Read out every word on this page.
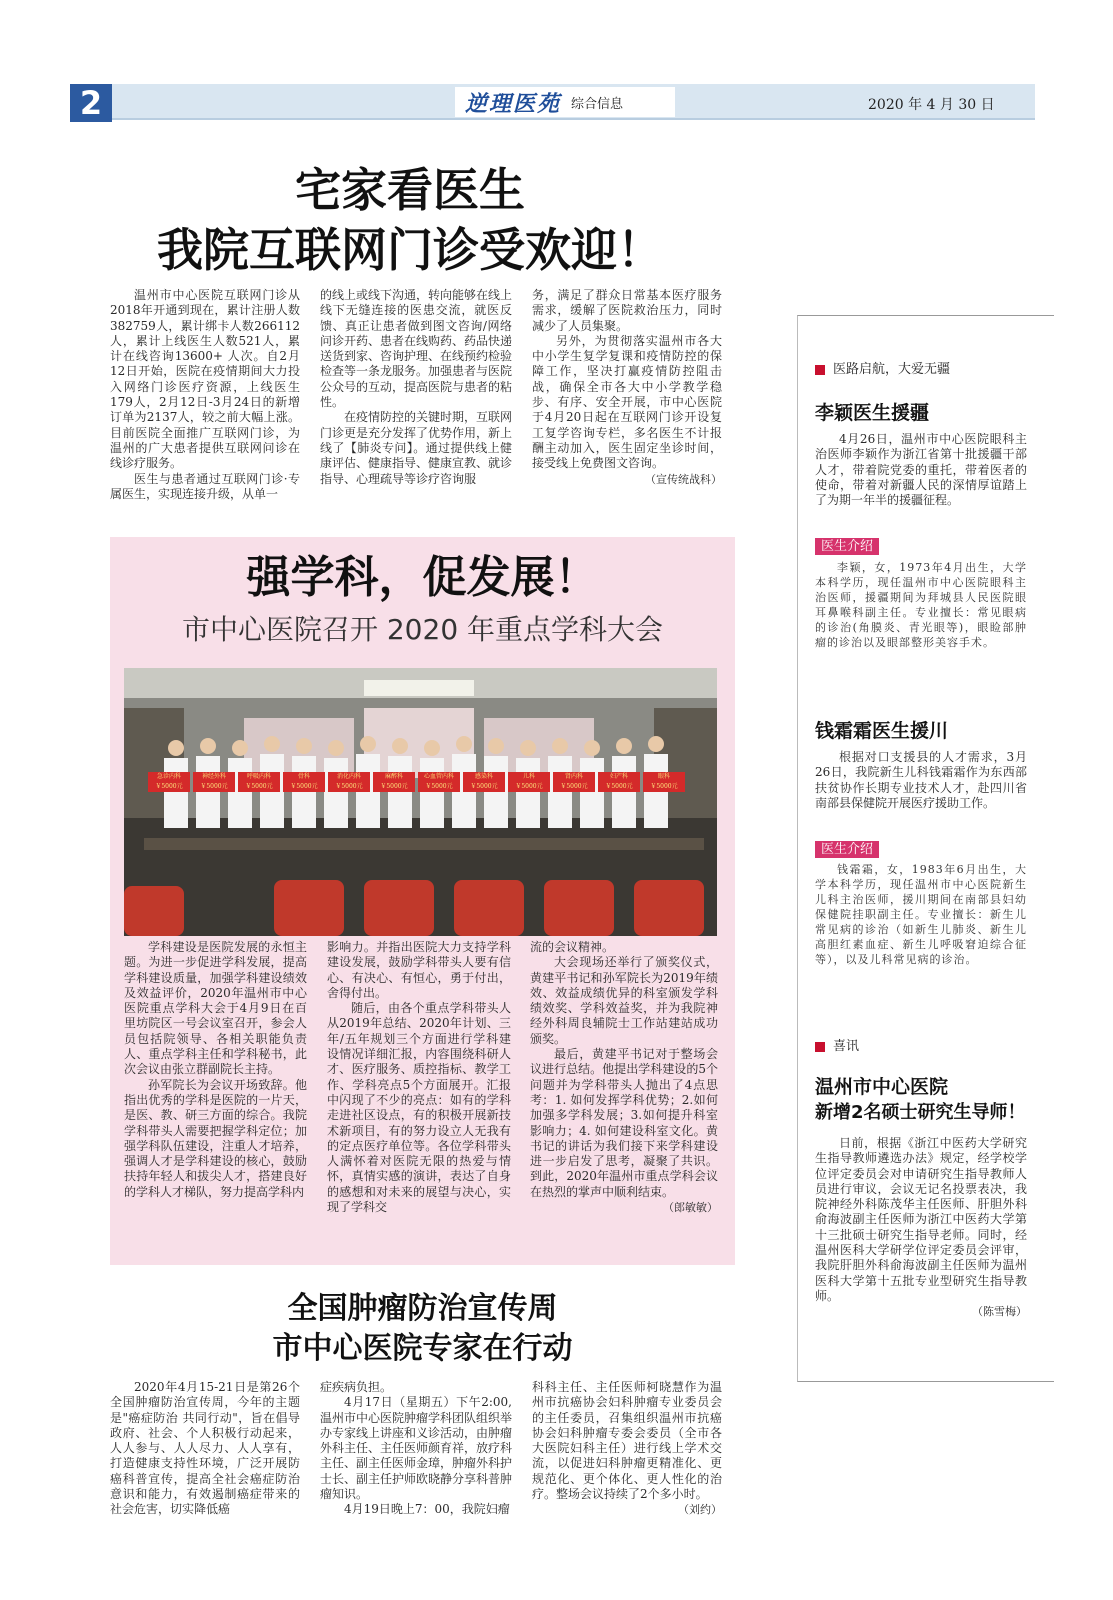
2	逆理医苑 综合信息	2020 年 4 月 30 日
宅家看医生
我院互联网门诊受欢迎！

温州市中心医院互联网门诊从2018年开通到现在，累计注册人数382759人，累计绑卡人数266112人，累计上线医生人数521人，累计在线咨询13600+ 人次。自2月12日开始，医院在疫情期间大力投入网络门诊医疗资源，上线医生179人，2月12日-3月24日的新增订单为2137人，较之前大幅上涨。目前医院全面推广互联网门诊，为温州的广大患者提供互联网问诊在线诊疗服务。

医生与患者通过互联网门诊·专属医生，实现连接升级，从单一

的线上或线下沟通，转向能够在线上线下无缝连接的医患交流，就医反馈、真正让患者做到图文咨询/网络问诊开药、患者在线购药、药品快递送货到家、咨询护理、在线预约检验检查等一条龙服务。加强患者与医院公众号的互动，提高医院与患者的粘性。

在疫情防控的关键时期，互联网门诊更是充分发挥了优势作用，新上线了【肺炎专问】。通过提供线上健康评估、健康指导、健康宣教、就诊指导、心理疏导等诊疗咨询服

务，满足了群众日常基本医疗服务需求，缓解了医院救治压力，同时减少了人员集聚。

另外，为贯彻落实温州市各大中小学生复学复课和疫情防控的保障工作，坚决打赢疫情防控阻击战，确保全市各大中小学教学稳步、有序、安全开展，市中心医院于4月20日起在互联网门诊开设复工复学咨询专栏，多名医生不计报酬主动加入，医生固定坐诊时间，接受线上免费图文咨询。

（宣传统战科）
强学科，促发展！
市中心医院召开 2020 年重点学科大会
急诊内科
￥5000元
神经外科
￥5000元
呼吸内科
￥5000元
骨科
￥5000元
消化内科
￥5000元
麻醉科
￥5000元
心血管内科
￥5000元
感染科
￥5000元
儿科
￥5000元
肾内科
￥5000元
妇产科
￥5000元
眼科
￥5000元

学科建设是医院发展的永恒主题。为进一步促进学科发展，提高学科建设质量，加强学科建设绩效及效益评价，2020年温州市中心医院重点学科大会于4月9日在百里坊院区一号会议室召开，参会人员包括院领导、各相关职能负责人、重点学科主任和学科秘书，此次会议由张立群副院长主持。

孙军院长为会议开场致辞。他指出优秀的学科是医院的一片天，是医、教、研三方面的综合。我院学科带头人需要把握学科定位；加强学科队伍建设，注重人才培养，强调人才是学科建设的核心，鼓励扶持年轻人和拔尖人才，搭建良好的学科人才梯队，努力提高学科内

影响力。并指出医院大力支持学科建设发展，鼓励学科带头人要有信心、有决心、有恒心，勇于付出，舍得付出。

随后，由各个重点学科带头人从2019年总结、2020年计划、三年/五年规划三个方面进行学科建设情况详细汇报，内容围绕科研人才、医疗服务、质控指标、教学工作、学科亮点5个方面展开。汇报中闪现了不少的亮点：如有的学科走进社区设点，有的积极开展新技术新项目，有的努力设立人无我有的定点医疗单位等。各位学科带头人满怀着对医院无限的热爱与情怀，真情实感的演讲，表达了自身的感想和对未来的展望与决心，实现了学科交

流的会议精神。

大会现场还举行了颁奖仪式，黄建平书记和孙军院长为2019年绩效、效益成绩优异的科室颁发学科绩效奖、学科效益奖，并为我院神经外科周良辅院士工作站建站成功颁奖。

最后，黄建平书记对于整场会议进行总结。他提出学科建设的5个问题并为学科带头人抛出了4点思考：1. 如何发挥学科优势；2.如何加强多学科发展；3.如何提升科室影响力；4. 如何建设科室文化。黄书记的讲话为我们接下来学科建设进一步启发了思考，凝聚了共识。到此，2020年温州市重点学科会议在热烈的掌声中顺利结束。

（郎敏敏）
全国肿瘤防治宣传周
市中心医院专家在行动

2020年4月15-21日是第26个全国肿瘤防治宣传周，今年的主题是"癌症防治 共同行动"，旨在倡导政府、社会、个人积极行动起来，人人参与、人人尽力、人人享有，打造健康支持性环境，广泛开展防癌科普宣传，提高全社会癌症防治意识和能力，有效遏制癌症带来的社会危害，切实降低癌

症疾病负担。

4月17日（星期五）下午2:00,温州市中心医院肿瘤学科团队组织举办专家线上讲座和义诊活动，由肿瘤外科主任、主任医师颜育祥，放疗科主任、副主任医师金璋，肿瘤外科护士长、副主任护师欧晓静分享科普肿瘤知识。

4月19日晚上7：00，我院妇瘤

科科主任、主任医师柯晓慧作为温州市抗癌协会妇科肿瘤专业委员会的主任委员，召集组织温州市抗癌协会妇科肿瘤专委会委员（全市各大医院妇科主任）进行线上学术交流，以促进妇科肿瘤更精准化、更规范化、更个体化、更人性化的治疗。整场会议持续了2个多小时。

（刘约）
医路启航，大爱无疆
李颖医生援疆

4月26日，温州市中心医院眼科主治医师李颖作为浙江省第十批援疆干部人才，带着院党委的重托，带着医者的使命，带着对新疆人民的深情厚谊踏上了为期一年半的援疆征程。

医生介绍

李颖，女，1973年4月出生，大学本科学历，现任温州市中心医院眼科主治医师，援疆期间为拜城县人民医院眼耳鼻喉科副主任。专业擅长：常见眼病的诊治(角膜炎、青光眼等)，眼睑部肿瘤的诊治以及眼部整形美容手术。

钱霜霜医生援川

根据对口支援县的人才需求，3月26日，我院新生儿科钱霜霜作为东西部扶贫协作长期专业技术人才，赴四川省南部县保健院开展医疗援助工作。

医生介绍

钱霜霜，女，1983年6月出生，大学本科学历，现任温州市中心医院新生儿科主治医师，援川期间在南部县妇幼保健院挂职副主任。专业擅长：新生儿常见病的诊治（如新生儿肺炎、新生儿高胆红素血症、新生儿呼吸窘迫综合征等），以及儿科常见病的诊治。

喜讯
温州市中心医院
新增2名硕士研究生导师！

日前，根据《浙江中医药大学研究生指导教师遴选办法》规定，经学校学位评定委员会对申请研究生指导教师人员进行审议，会议无记名投票表决，我院神经外科陈茂华主任医师、肝胆外科俞海波副主任医师为浙江中医药大学第十三批硕士研究生指导老师。同时，经温州医科大学研学位评定委员会评审，我院肝胆外科俞海波副主任医师为温州医科大学第十五批专业型研究生指导教师。

（陈雪梅）
